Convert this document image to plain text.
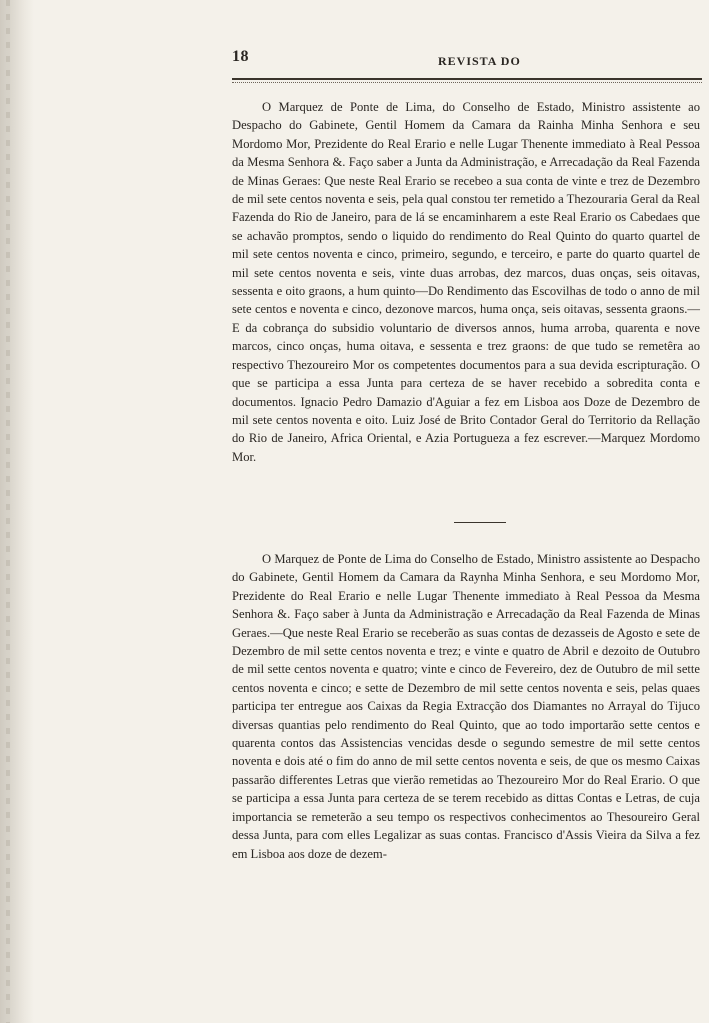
18	REVISTA DO

O Marquez de Ponte de Lima, do Conselho de Estado, Ministro assistente ao Despacho do Gabinete, Gentil Homem da Camara da Rainha Minha Senhora e seu Mordomo Mor, Prezidente do Real Erario e nelle Lugar Thenente immediato à Real Pessoa da Mesma Senhora &. Faço saber a Junta da Administração, e Arrecadação da Real Fazenda de Minas Geraes: Que neste Real Erario se recebeo a sua conta de vinte e trez de Dezembro de mil sete centos noventa e seis, pela qual constou ter remetido a Thezouraria Geral da Real Fazenda do Rio de Janeiro, para de lá se encaminharem a este Real Erario os Cabedaes que se achavão promptos, sendo o liquido do rendimento do Real Quinto do quarto quartel de mil sete centos noventa e cinco, primeiro, segundo, e terceiro, e parte do quarto quartel de mil sete centos noventa e seis, vinte duas arrobas, dez marcos, duas onças, seis oitavas, sessenta e oito graons, a hum quinto—Do Rendimento das Escovilhas de todo o anno de mil sete centos e noventa e cinco, dezonove marcos, huma onça, seis oitavas, sessenta graons.—E da cobrança do subsidio voluntario de diversos annos, huma arroba, quarenta e nove marcos, cinco onças, huma oitava, e sessenta e trez graons: de que tudo se remetêra ao respectivo Thezoureiro Mor os competentes documentos para a sua devida escripturação. O que se participa a essa Junta para certeza de se haver recebido a sobredita conta e documentos. Ignacio Pedro Damazio d'Aguiar a fez em Lisboa aos Doze de Dezembro de mil sete centos noventa e oito. Luiz José de Brito Contador Geral do Territorio da Rellação do Rio de Janeiro, Africa Oriental, e Azia Portugueza a fez escrever.—Marquez Mordomo Mor.

O Marquez de Ponte de Lima do Conselho de Estado, Ministro assistente ao Despacho do Gabinete, Gentil Homem da Camara da Raynha Minha Senhora, e seu Mordomo Mor, Prezidente do Real Erario e nelle Lugar Thenente immediato à Real Pessoa da Mesma Senhora &. Faço saber à Junta da Administração e Arrecadação da Real Fazenda de Minas Geraes.—Que neste Real Erario se receberão as suas contas de dezasseis de Agosto e sete de Dezembro de mil sette centos noventa e trez; e vinte e quatro de Abril e dezoito de Outubro de mil sette centos noventa e quatro; vinte e cinco de Fevereiro, dez de Outubro de mil sette centos noventa e cinco; e sette de Dezembro de mil sette centos noventa e seis, pelas quaes participa ter entregue aos Caixas da Regia Extracção dos Diamantes no Arrayal do Tijuco diversas quantias pelo rendimento do Real Quinto, que ao todo importarão sette centos e quarenta contos das Assistencias vencidas desde o segundo semestre de mil sette centos noventa e dois até o fim do anno de mil sette centos noventa e seis, de que os mesmo Caixas passarão differentes Letras que vierão remetidas ao Thezoureiro Mor do Real Erario. O que se participa a essa Junta para certeza de se terem recebido as dittas Contas e Letras, de cuja importancia se remeterão a seu tempo os respectivos conhecimentos ao Thesoureiro Geral dessa Junta, para com elles Legalizar as suas contas. Francisco d'Assis Vieira da Silva a fez em Lisboa aos doze de dezem-
